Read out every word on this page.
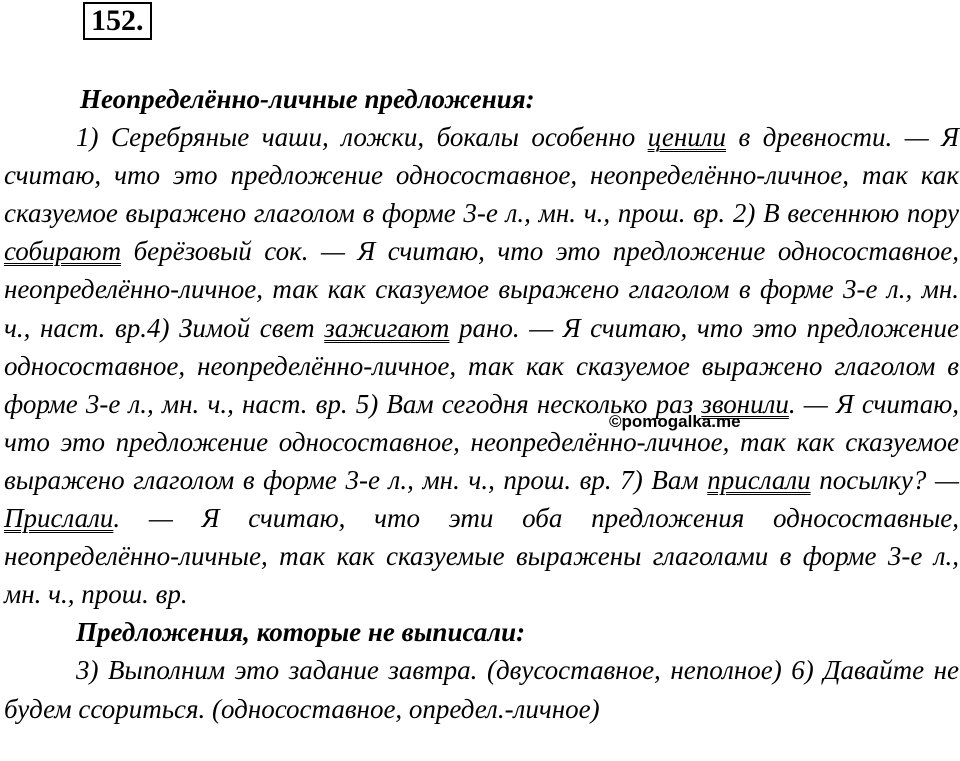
152.

Неопределённо-личные предложения:

1) Серебряные чаши, ложки, бокалы особенно ценили в древности. — Я считаю, что это предложение односоставное, неопределённо-личное, так как сказуемое выражено глаголом в форме 3-е л., мн. ч., прош. вр. 2) В весеннюю пору собирают берёзовый сок. — Я считаю, что это предложение односоставное, неопределённо-личное, так как сказуемое выражено глаголом в форме 3-е л., мн. ч., наст. вр.4) Зимой свет зажигают рано. — Я считаю, что это предложение односоставное, неопределённо-личное, так как сказуемое выражено глаголом в форме 3-е л., мн. ч., наст. вр. 5) Вам сегодня несколько раз звонили. — Я считаю, что это предложение односоставное, неопределённо-личное, так как сказуемое выражено глаголом в форме 3-е л., мн. ч., прош. вр. 7) Вам прислали посылку? — Прислали. — Я считаю, что эти оба предложения односоставные, неопределённо-личные, так как сказуемые выражены глаголами в форме 3-е л., мн. ч., прош. вр.

Предложения, которые не выписали:

3) Выполним это задание завтра. (двусоставное, неполное) 6) Давайте не будем ссориться. (односоставное, определ.-личное)

©pomogalka.me
